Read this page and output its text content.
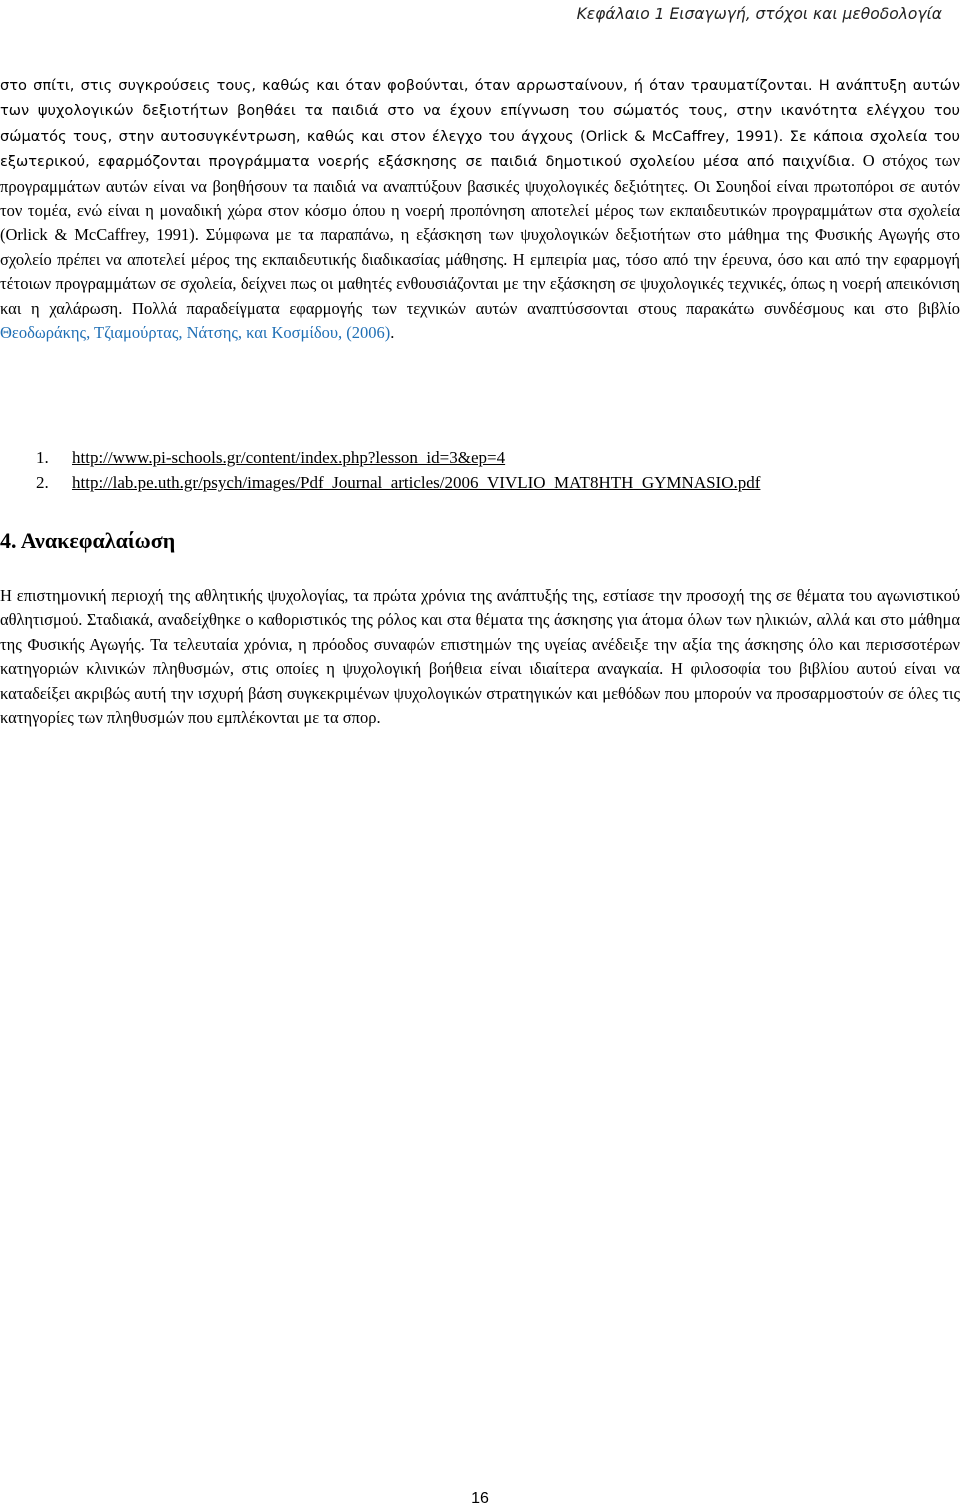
Κεφάλαιο 1 Εισαγωγή, στόχοι και μεθοδολογία

στο σπίτι, στις συγκρούσεις τους, καθώς και όταν φοβούνται, όταν αρρωσταίνουν, ή όταν τραυματίζονται. Η ανάπτυξη αυτών των ψυχολογικών δεξιοτήτων βοηθάει τα παιδιά στο να έχουν επίγνωση του σώματός τους, στην ικανότητα ελέγχου του σώματός τους, στην αυτοσυγκέντρωση, καθώς και στον έλεγχο του άγχους (Orlick & McCaffrey, 1991). Σε κάποια σχολεία του εξωτερικού, εφαρμόζονται προγράμματα νοερής εξάσκησης σε παιδιά δημοτικού σχολείου μέσα από παιχνίδια. Ο στόχος των προγραμμάτων αυτών είναι να βοηθήσουν τα παιδιά να αναπτύξουν βασικές ψυχολογικές δεξιότητες. Οι Σουηδοί είναι πρωτοπόροι σε αυτόν τον τομέα, ενώ είναι η μοναδική χώρα στον κόσμο όπου η νοερή προπόνηση αποτελεί μέρος των εκπαιδευτικών προγραμμάτων στα σχολεία (Orlick & McCaffrey, 1991). Σύμφωνα με τα παραπάνω, η εξάσκηση των ψυχολογικών δεξιοτήτων στο μάθημα της Φυσικής Αγωγής στο σχολείο πρέπει να αποτελεί μέρος της εκπαιδευτικής διαδικασίας μάθησης. Η εμπειρία μας, τόσο από την έρευνα, όσο και από την εφαρμογή τέτοιων προγραμμάτων σε σχολεία, δείχνει πως οι μαθητές ενθουσιάζονται με την εξάσκηση σε ψυχολογικές τεχνικές, όπως η νοερή απεικόνιση και η χαλάρωση. Πολλά παραδείγματα εφαρμογής των τεχνικών αυτών αναπτύσσονται στους παρακάτω συνδέσμους και στο βιβλίο Θεοδωράκης, Τζιαμούρτας, Νάτσης, και Κοσμίδου, (2006).

1. http://www.pi-schools.gr/content/index.php?lesson_id=3&ep=4
2. http://lab.pe.uth.gr/psych/images/Pdf_Journal_articles/2006_VIVLIO_MAT8HTH_GYMNASIO.pdf
4. Ανακεφαλαίωση

Η επιστημονική περιοχή της αθλητικής ψυχολογίας, τα πρώτα χρόνια της ανάπτυξής της, εστίασε την προσοχή της σε θέματα του αγωνιστικού αθλητισμού. Σταδιακά, αναδείχθηκε ο καθοριστικός της ρόλος και στα θέματα της άσκησης για άτομα όλων των ηλικιών, αλλά και στο μάθημα της Φυσικής Αγωγής. Τα τελευταία χρόνια, η πρόοδος συναφών επιστημών της υγείας ανέδειξε την αξία της άσκησης όλο και περισσοτέρων κατηγοριών κλινικών πληθυσμών, στις οποίες η ψυχολογική βοήθεια είναι ιδιαίτερα αναγκαία. Η φιλοσοφία του βιβλίου αυτού είναι να καταδείξει ακριβώς αυτή την ισχυρή βάση συγκεκριμένων ψυχολογικών στρατηγικών και μεθόδων που μπορούν να προσαρμοστούν σε όλες τις κατηγορίες των πληθυσμών που εμπλέκονται με τα σπορ.

16
